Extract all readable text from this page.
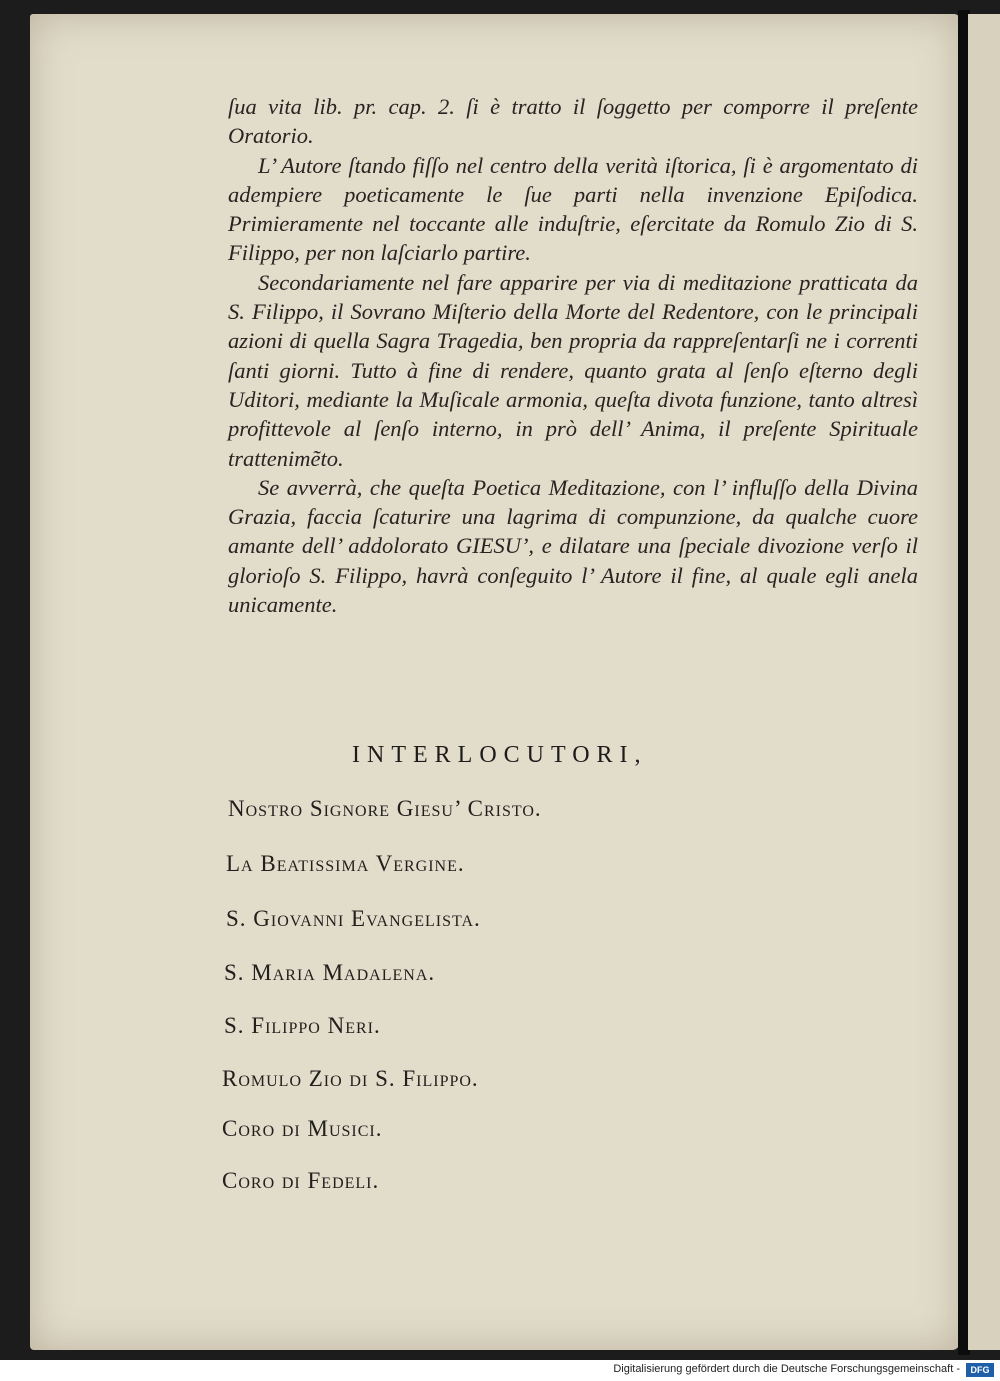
ſua vita lib. pr. cap. 2. ſi è tratto il ſoggetto per comporre il preſente Oratorio.

L’ Autore ſtando fiſſo nel centro della verità iſtorica, ſi è argomentato di adempiere poeticamente le ſue parti nella invenzione Epiſodica. Primieramente nel toccante alle induſtrie, eſercitate da Romulo Zio di S. Filippo, per non laſciarlo partire.

Secondariamente nel fare apparire per via di meditazione pratticata da S. Filippo, il Sovrano Miſterio della Morte del Redentore, con le principali azioni di quella Sagra Tragedia, ben propria da rappreſentarſi ne i correnti ſanti giorni. Tutto à fine di rendere, quanto grata al ſenſo eſterno degli Uditori, mediante la Muſicale armonia, queſta divota funzione, tanto altresì profittevole al ſenſo interno, in prò dell’ Anima, il preſente Spirituale trattenimẽto.

Se avverrà, che queſta Poetica Meditazione, con l’ influſſo della Divina Grazia, faccia ſcaturire una lagrima di compunzione, da qualche cuore amante dell’ addolorato GIESU’, e dilatare una ſpeciale divozione verſo il glorioſo S. Filippo, havrà conſeguito l’ Autore il fine, al quale egli anela unicamente.

INTERLOCUTORI,
Nostro Signore Giesu’ Cristo.
La Beatissima Vergine.
S. Giovanni Evangelista.
S. Maria Madalena.
S. Filippo Neri.
Romulo Zio di S. Filippo.
Coro di Musici.
Coro di Fedeli.
Digitalisierung gefördert durch die Deutsche Forschungsgemeinschaft -	DFG
